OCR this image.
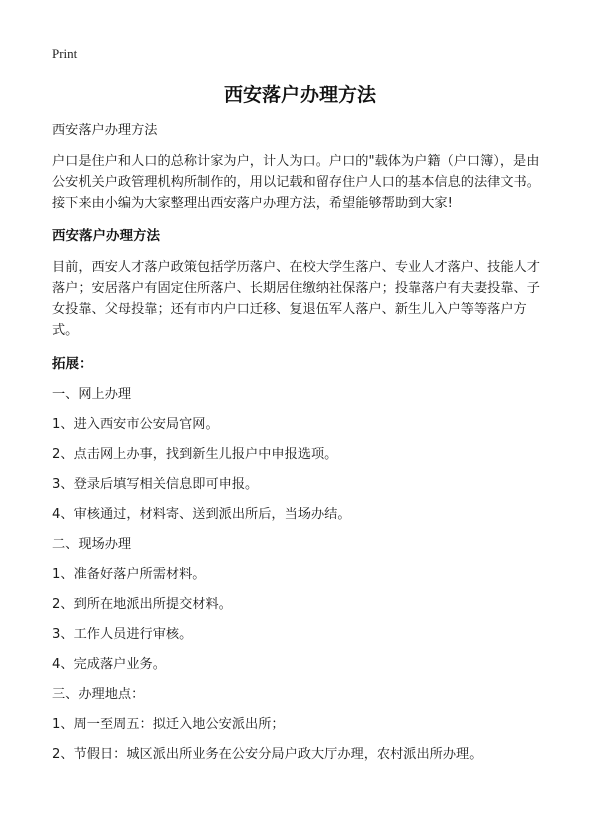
Print
西安落户办理方法

西安落户办理方法

户口是住户和人口的总称计家为户，计人为口。户口的"载体为户籍（户口簿），是由公安机关户政管理机构所制作的，用以记载和留存住户人口的基本信息的法律文书。接下来由小编为大家整理出西安落户办理方法，希望能够帮助到大家!

西安落户办理方法

目前，西安人才落户政策包括学历落户、在校大学生落户、专业人才落户、技能人才落户；安居落户有固定住所落户、长期居住缴纳社保落户；投靠落户有夫妻投靠、子女投靠、父母投靠；还有市内户口迁移、复退伍军人落户、新生儿入户等等落户方式。

拓展：

一、网上办理

1、进入西安市公安局官网。

2、点击网上办事，找到新生儿报户中申报选项。

3、登录后填写相关信息即可申报。

4、审核通过，材料寄、送到派出所后，当场办结。

二、现场办理

1、准备好落户所需材料。

2、到所在地派出所提交材料。

3、工作人员进行审核。

4、完成落户业务。

三、办理地点：

1、周一至周五：拟迁入地公安派出所；

2、节假日：城区派出所业务在公安分局户政大厅办理，农村派出所办理。
